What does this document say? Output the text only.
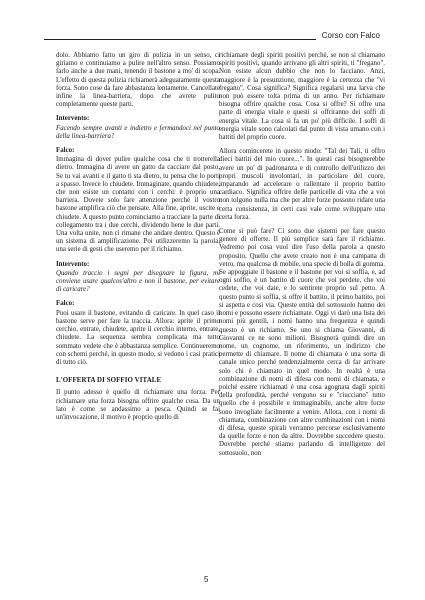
Corso con Falco

dolo. Abbiamo fatto un giro di pulizia in un senso, ci giriamo e continuiamo a pulire nell'altro senso. Possiamo farlo anche a due mani, tenendo il bastone a mo' di scopa. L'effetto di questa pulizia richiamerà adeguatamente questa forza. Sono cose da fare abbastanza lentamente. Cancellate infine la linea-barriera, dopo che avrete pulito completamente queste parti.

Intervento:

Facendo sempre avanti e indietro e fermandoci nel punto della linea-barriera?

Falco:

Immagina di dover pulire qualche cosa che ti trotterella dietro. Immagina di avere un gatto da cacciare dal posto. Se tu vai avanti e il gatto ti sta dietro, tu pensa che lo porti a spasso. Invece lo chiudete. Immaginate, quando chiudete, che non esiste un contatto con i cerchi: è proprio una barriera. Dovete solo fare attenzione perché il vostro bastone amplifica ciò che pensate. Alla fine, aprite, uscite e chiudete. A questo punto cominciamo a tracciare la parte di collegamento tra i due cerchi, dividendo bene le due parti. Una volta unite, non ci rimane che andare dentro. Questo è un sistema di amplificazione. Poi utilizzeremo la parola, una serie di gesti che useremo per il richiamo.

Intervento:

Quando traccio i segni per disegnare la figura, mi conviene usare qualcos'altro e non il bastone, per evitare di caricare?

Falco:

Puoi usare il bastone, evitando di caricare. In quel caso il bastone serve per fare la traccia. Allora: aprite il primo cerchio, entrate, chiudete, aprite il cerchio interno, entrate, chiudete. La sequenza sembra complicata ma tutto sommato vedete che è abbastanza semplice. Continueremo con schemi perché, in questo modo, si vedono i casi pratici di tutto ciò.

L'OFFERTA DI SOFFIO VITALE

Il punto adesso è quello di richiamare una forza. Per richiamare una forza bisogna offrire qualche cosa. Da un lato è come se andassimo a pesca. Quindi se fai un'invocazione, il motivo è proprio quello di

richiamare degli spiriti positivi perché, se non si chiamano spiriti positivi, quando arrivano gli altri spiriti, ti "fregano". Non esiste alcun dubbio che non lo facciano. Anzi, maggiore è la presunzione, maggiore è la certezza che "vi fregano". Cosa significa? Significa regalarsi una larva che non può essere tolta prima di un anno. Per richiamare bisogna offrire qualche cosa. Cosa si offre? Si offre una parte di energia vitale e questi si offriranno dei soffi di energia vitale. La cosa si fa un po' più difficile. I soffi di energia vitale sono calcolati dal punto di vista umano con i battiti del proprio cuore.

Allora comincerete in questo modo: "Tal dei Tali, ti offro dieci battiti del mio cuore...". In questi casi bisognerebbe avere un po' di padronanza e di controllo dell'utilizzo dei propri muscoli involontari, in particolare del cuore, imparando ad accelerare o rallentare il proprio battito cardiaco. Significa offrire delle particelle di vita che a voi non tolgono nulla ma che per altre forze possono ridare una certa consistenza, in certi casi vale come sviluppare una certa forza.

Come si può fare? Ci sono due sistemi per fare questo genere di offerte. Il più semplice sarà fare il richiamo. Vedremo poi cosa vuol dire l'uso della parola a questo proposito. Quello che avete creato non è una campana di vetro, ma qualcosa di mobile, una specie di bolla di gomma. Se appoggiate il bastone e il bastone per voi si soffia, e, ad ogni soffio, è un battito di cuore che voi perdete, che voi cedete, che voi date, e lo sentirete proprio sul petto. A questo punto si soffia, si offre il battito, il primo battito, poi si aspetta e così via. Queste entità del sottosuolo hanno dei nomi e possono essere richiamate. Oggi vi darò una lista dei nomi più gentili, i nomi hanno una frequenza e quindi questo è un richiamo. Se uno si chiama Giovanni, di Giovanni ce ne sono milioni. Bisognerà quindi dire un nome, un cognome, un riferimento, un indirizzo che permette di chiamare. Il nome di chiamata è una sorta di canale unico perché tendenzialmente cerca di far arrivare solo chi è chiamato in quel modo. In realtà è una combinazione di nomi di difesa con nomi di chiamata, e poiché essere richiamati è una cosa agognata dagli spiriti della profondità, perché vengono su e "ciucciano" tutto quello che è possibile e immaginabile, anche altre forze sono invogliate facilmente a venire. Allora, con i nomi di chiamata, combinazione con altre combinazioni con i nomi di difesa, queste spirali verranno percorse esclusivamente da quelle forze e non da altre. Dovrebbe succedere questo. Dovrebbe perché stiamo parlando di intelligenze del sottosuolo, non

5
